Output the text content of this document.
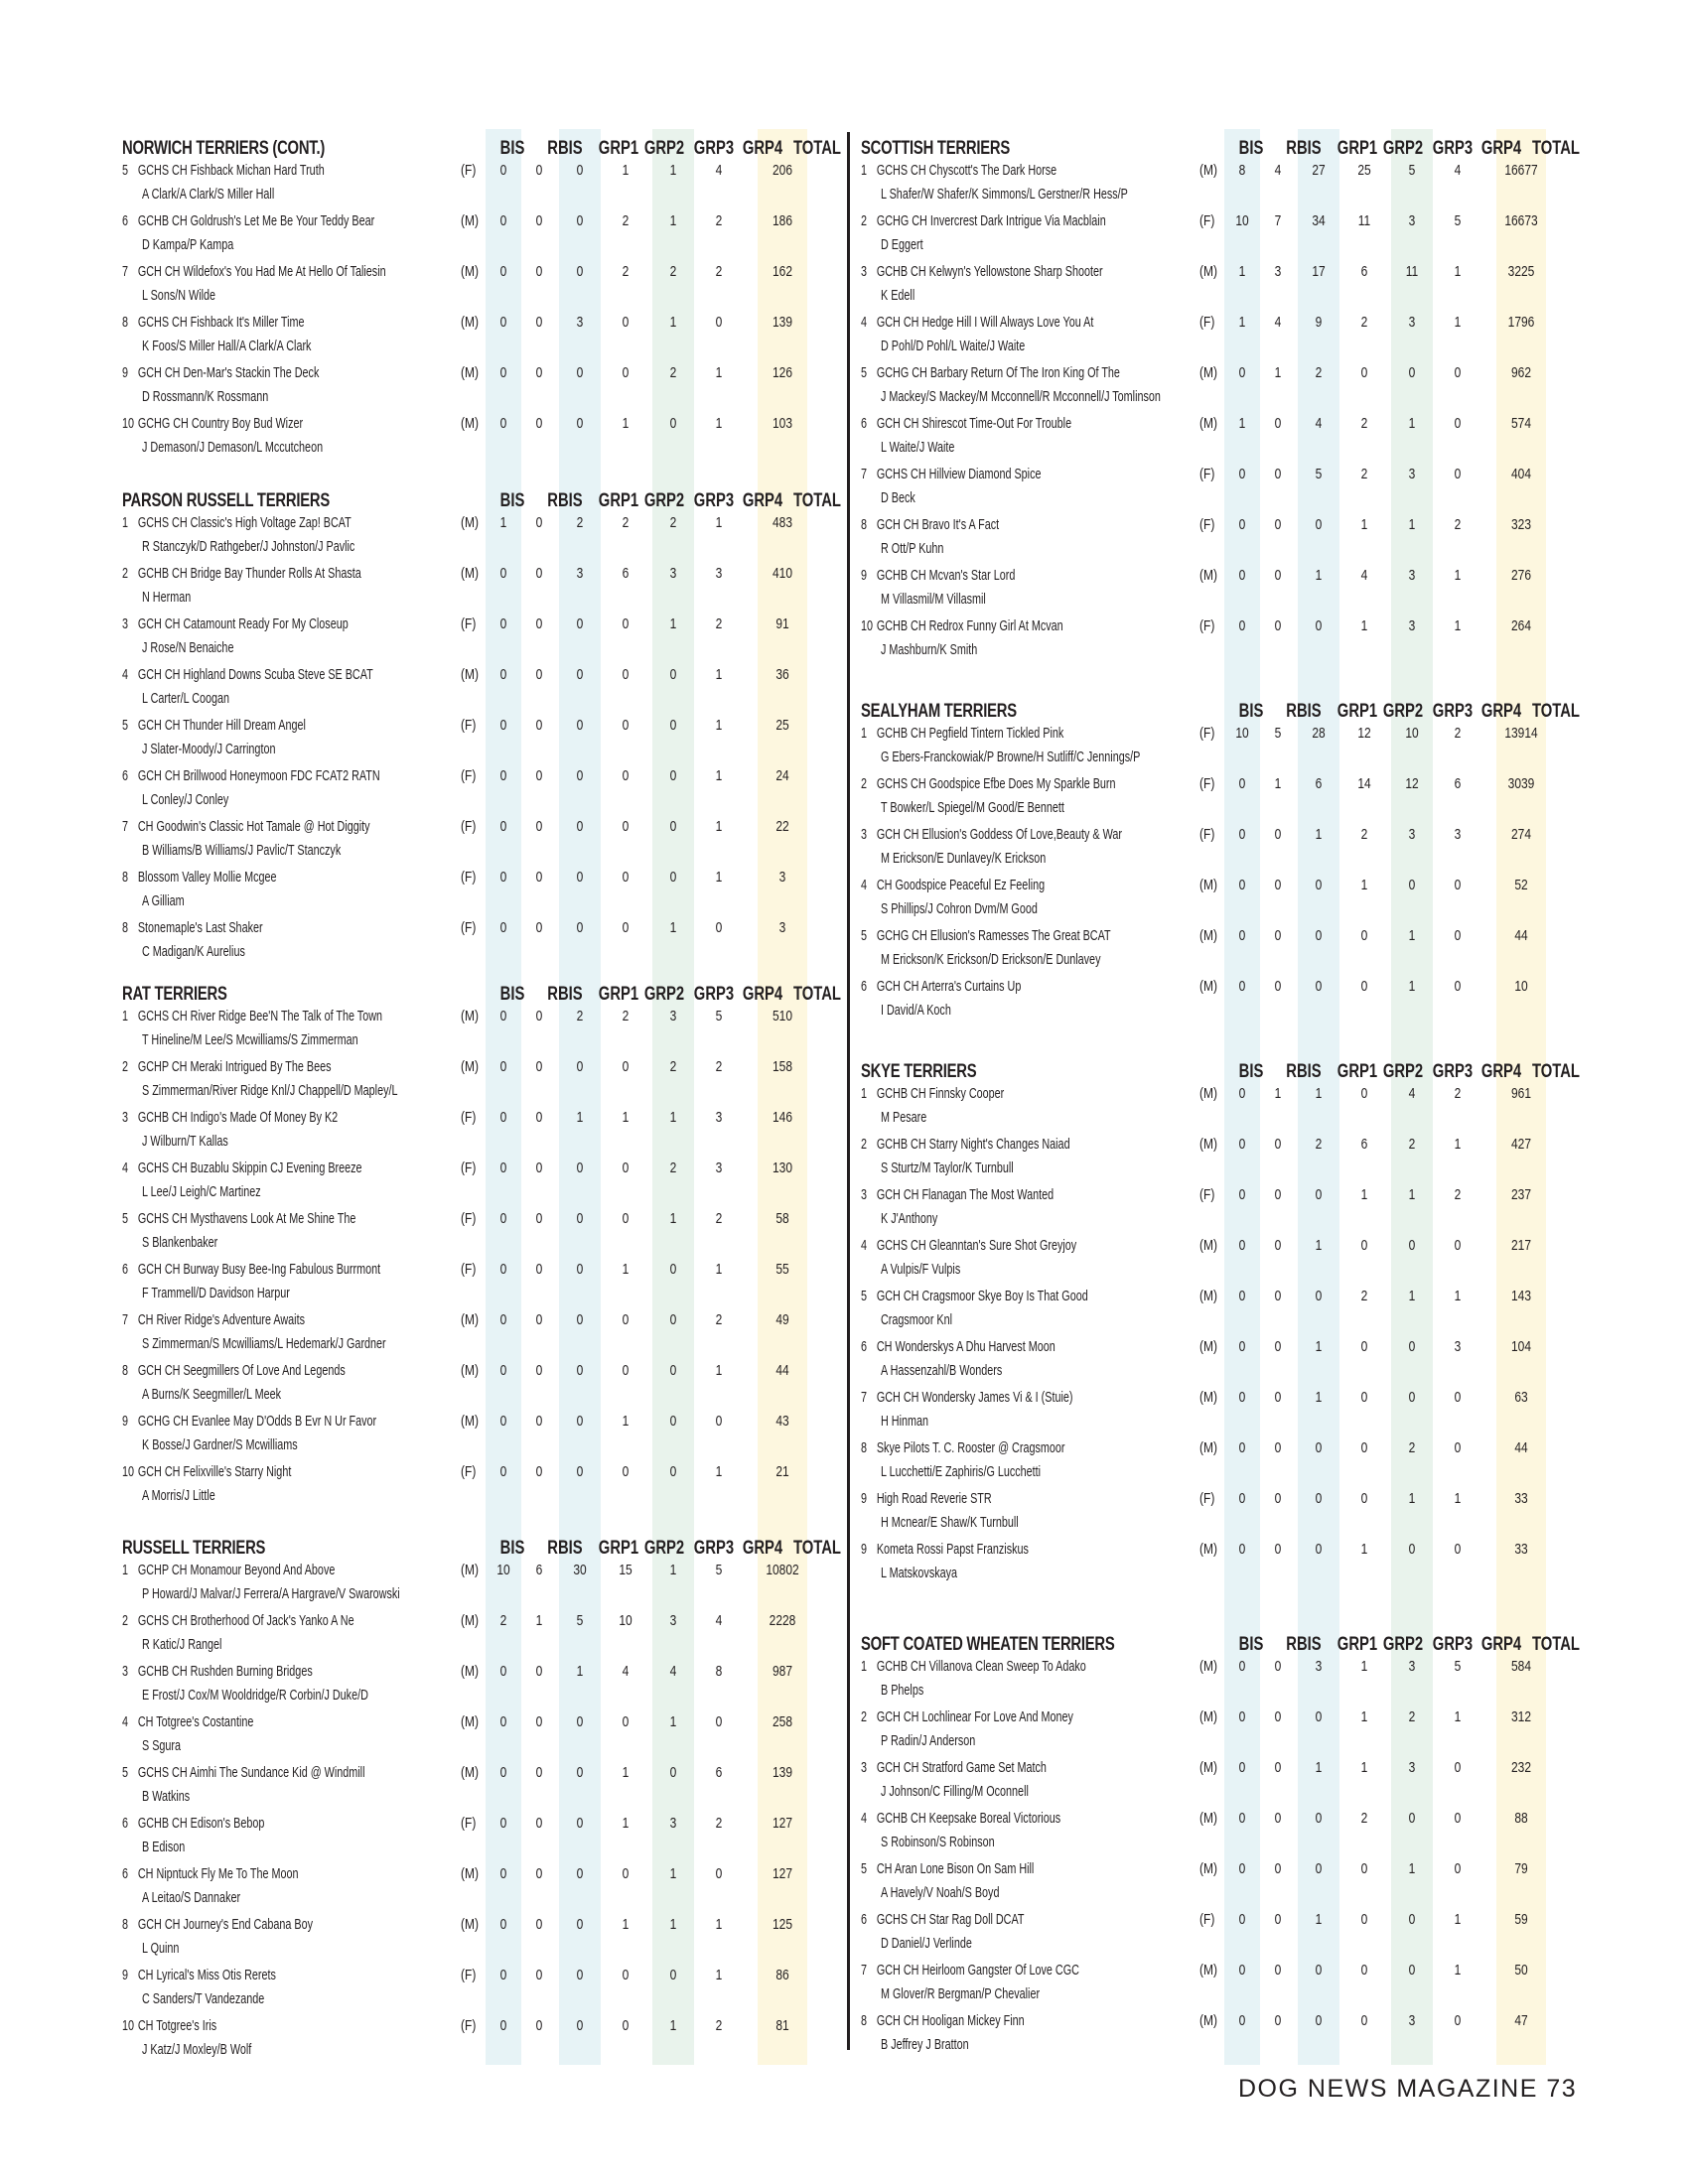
NORWICH TERRIERS (CONT.)	BIS	RBIS GRP1 GRP2 GRP3 GRP4 TOTAL
5 GCHS CH Fishback Michan Hard Truth
A Clark/A Clark/S Miller Hall
(F)	0	0	0	1	1	4	206
6 GCHB CH Goldrush's Let Me Be Your Teddy Bear
D Kampa/P Kampa
(M)	0	0	0	2	1	2	186
7 GCH CH Wildefox's You Had Me At Hello Of Taliesin
L Sons/N Wilde
(M)	0	0	0	2	2	2	162
8 GCHS CH Fishback It's Miller Time
K Foos/S Miller Hall/A Clark/A Clark
(M)	0	0	3	0	1	0	139
9 GCH CH Den-Mar's Stackin The Deck
D Rossmann/K Rossmann
(M)	0	0	0	0	2	1	126
10 GCHG CH Country Boy Bud Wizer
J Demason/J Demason/L Mccutcheon
(M)	0	0	0	1	0	1	103
PARSON RUSSELL TERRIERS	BIS	RBIS GRP1 GRP2 GRP3 GRP4 TOTAL
1 GCHS CH Classic's High Voltage Zap! BCAT
R Stanczyk/D Rathgeber/J Johnston/J Pavlic
(M)	1	0	2	2	2	1	483
2 GCHB CH Bridge Bay Thunder Rolls At Shasta
N Herman
(M)	0	0	3	6	3	3	410
3 GCH CH Catamount Ready For My Closeup
J Rose/N Benaiche
(F)	0	0	0	0	1	2	91
4 GCH CH Highland Downs Scuba Steve SE BCAT
L Carter/L Coogan
(M)	0	0	0	0	0	1	36
5 GCH CH Thunder Hill Dream Angel
J Slater-Moody/J Carrington
(F)	0	0	0	0	0	1	25
6 GCH CH Brillwood Honeymoon FDC FCAT2 RATN
L Conley/J Conley
(F)	0	0	0	0	0	1	24
7 CH Goodwin's Classic Hot Tamale @ Hot Diggity
B Williams/B Williams/J Pavlic/T Stanczyk
(F)	0	0	0	0	0	1	22
8 Blossom Valley Mollie Mcgee
A Gilliam
(F)	0	0	0	0	0	1	3
8 Stonemaple's Last Shaker
C Madigan/K Aurelius
(F)	0	0	0	0	1	0	3
RAT TERRIERS	BIS	RBIS GRP1 GRP2 GRP3 GRP4 TOTAL
1 GCHS CH River Ridge Bee'N The Talk of The Town
T Hineline/M Lee/S Mcwilliams/S Zimmerman
(M)	0	0	2	2	3	5	510
2 GCHP CH Meraki Intrigued By The Bees
S Zimmerman/River Ridge Knl/J Chappell/D Mapley/L
(M)	0	0	0	0	2	2	158
3 GCHB CH Indigo's Made Of Money By K2
J Wilburn/T Kallas
(F)	0	0	1	1	1	3	146
4 GCHS CH Buzablu Skippin CJ Evening Breeze
L Lee/J Leigh/C Martinez
(F)	0	0	0	0	2	3	130
5 GCHS CH Mysthavens Look At Me Shine The
S Blankenbaker
(F)	0	0	0	0	1	2	58
6 GCH CH Burway Busy Bee-Ing Fabulous Burrmont
F Trammell/D Davidson Harpur
(F)	0	0	0	1	0	1	55
7 CH River Ridge's Adventure Awaits
S Zimmerman/S Mcwilliams/L Hedemark/J Gardner
(M)	0	0	0	0	0	2	49
8 GCH CH Seegmillers Of Love And Legends
A Burns/K Seegmiller/L Meek
(M)	0	0	0	0	0	1	44
9 GCHG CH Evanlee May D'Odds B Evr N Ur Favor
K Bosse/J Gardner/S Mcwilliams
(M)	0	0	0	1	0	0	43
10 GCH CH Felixville's Starry Night
A Morris/J Little
(F)	0	0	0	0	0	1	21
RUSSELL TERRIERS	BIS	RBIS GRP1 GRP2 GRP3 GRP4 TOTAL
1 GCHP CH Monamour Beyond And Above
P Howard/J Malvar/J Ferrera/A Hargrave/V Swarowski
(M)	10	6	30	15	1	5	10802
2 GCHS CH Brotherhood Of Jack's Yanko A Ne
R Katic/J Rangel
(M)	2	1	5	10	3	4	2228
3 GCHB CH Rushden Burning Bridges
E Frost/J Cox/M Wooldridge/R Corbin/J Duke/D
(M)	0	0	1	4	4	8	987
4 CH Totgree's Costantine
S Sgura
(M)	0	0	0	0	1	0	258
5 GCHS CH Aimhi The Sundance Kid @ Windmill
B Watkins
(M)	0	0	0	1	0	6	139
6 GCHB CH Edison's Bebop
B Edison
(F)	0	0	0	1	3	2	127
6 CH Nipntuck Fly Me To The Moon
A Leitao/S Dannaker
(M)	0	0	0	0	1	0	127
8 GCH CH Journey's End Cabana Boy
L Quinn
(M)	0	0	0	1	1	1	125
9 CH Lyrical's Miss Otis Rerets
C Sanders/T Vandezande
(F)	0	0	0	0	0	1	86
10 CH Totgree's Iris
J Katz/J Moxley/B Wolf
(F)	0	0	0	0	1	2	81
SCOTTISH TERRIERS	BIS	RBIS GRP1 GRP2 GRP3 GRP4 TOTAL
1 GCHS CH Chyscott's The Dark Horse
L Shafer/W Shafer/K Simmons/L Gerstner/R Hess/P
(M)	8	4	27	25	5	4	16677
2 GCHG CH Invercrest Dark Intrigue Via Macblain
D Eggert
(F)	10	7	34	11	3	5	16673
3 GCHB CH Kelwyn's Yellowstone Sharp Shooter
K Edell
(M)	1	3	17	6	11	1	3225
4 GCH CH Hedge Hill I Will Always Love You At
D Pohl/D Pohl/L Waite/J Waite
(F)	1	4	9	2	3	1	1796
5 GCHG CH Barbary Return Of The Iron King Of The
J Mackey/S Mackey/M Mcconnell/R Mcconnell/J Tomlinson
(M)	0	1	2	0	0	0	962
6 GCH CH Shirescot Time-Out For Trouble
L Waite/J Waite
(M)	1	0	4	2	1	0	574
7 GCHS CH Hillview Diamond Spice
D Beck
(F)	0	0	5	2	3	0	404
8 GCH CH Bravo It's A Fact
R Ott/P Kuhn
(F)	0	0	0	1	1	2	323
9 GCHB CH Mcvan's Star Lord
M Villasmil/M Villasmil
(M)	0	0	1	4	3	1	276
10 GCHB CH Redrox Funny Girl At Mcvan
J Mashburn/K Smith
(F)	0	0	0	1	3	1	264
SEALYHAM TERRIERS	BIS	RBIS GRP1 GRP2 GRP3 GRP4 TOTAL
1 GCHB CH Pegfield Tintern Tickled Pink
G Ebers-Franckowiak/P Browne/H Sutliff/C Jennings/P
(F)	10	5	28	12	10	2	13914
2 GCHS CH Goodspice Efbe Does My Sparkle Burn
T Bowker/L Spiegel/M Good/E Bennett
(F)	0	1	6	14	12	6	3039
3 GCH CH Ellusion's Goddess Of Love,Beauty & War
M Erickson/E Dunlavey/K Erickson
(F)	0	0	1	2	3	3	274
4 CH Goodspice Peaceful Ez Feeling
S Phillips/J Cohron Dvm/M Good
(M)	0	0	0	1	0	0	52
5 GCHG CH Ellusion's Ramesses The Great BCAT
M Erickson/K Erickson/D Erickson/E Dunlavey
(M)	0	0	0	0	1	0	44
6 GCH CH Arterra's Curtains Up
I David/A Koch
(M)	0	0	0	0	1	0	10
SKYE TERRIERS	BIS	RBIS GRP1 GRP2 GRP3 GRP4 TOTAL
1 GCHB CH Finnsky Cooper
M Pesare
(M)	0	1	1	0	4	2	961
2 GCHB CH Starry Night's Changes Naiad
S Sturtz/M Taylor/K Turnbull
(M)	0	0	2	6	2	1	427
3 GCH CH Flanagan The Most Wanted
K J'Anthony
(F)	0	0	0	1	1	2	237
4 GCHS CH Gleanntan's Sure Shot Greyjoy
A Vulpis/F Vulpis
(M)	0	0	1	0	0	0	217
5 GCH CH Cragsmoor Skye Boy Is That Good
Cragsmoor Knl
(M)	0	0	0	2	1	1	143
6 CH Wonderskys A Dhu Harvest Moon
A Hassenzahl/B Wonders
(M)	0	0	1	0	0	3	104
7 GCH CH Wondersky James Vi & I (Stuie)
H Hinman
(M)	0	0	1	0	0	0	63
8 Skye Pilots T. C. Rooster @ Cragsmoor
L Lucchetti/E Zaphiris/G Lucchetti
(M)	0	0	0	0	2	0	44
9 High Road Reverie STR
H Mcnear/E Shaw/K Turnbull
(F)	0	0	0	0	1	1	33
9 Kometa Rossi Papst Franziskus
L Matskovskaya
(M)	0	0	0	1	0	0	33
SOFT COATED WHEATEN TERRIERS	BIS	RBIS GRP1 GRP2 GRP3 GRP4 TOTAL
1 GCHB CH Villanova Clean Sweep To Adako
B Phelps
(M)	0	0	3	1	3	5	584
2 GCH CH Lochlinear For Love And Money
P Radin/J Anderson
(M)	0	0	0	1	2	1	312
3 GCH CH Stratford Game Set Match
J Johnson/C Filling/M Oconnell
(M)	0	0	1	1	3	0	232
4 GCHB CH Keepsake Boreal Victorious
S Robinson/S Robinson
(M)	0	0	0	2	0	0	88
5 CH Aran Lone Bison On Sam Hill
A Havely/V Noah/S Boyd
(M)	0	0	0	0	1	0	79
6 GCHS CH Star Rag Doll DCAT
D Daniel/J Verlinde
(F)	0	0	1	0	0	1	59
7 GCH CH Heirloom Gangster Of Love CGC
M Glover/R Bergman/P Chevalier
(M)	0	0	0	0	0	1	50
8 GCH CH Hooligan Mickey Finn
B Jeffrey J Bratton
(M)	0	0	0	0	3	0	47
DOG NEWS MAGAZINE 73
